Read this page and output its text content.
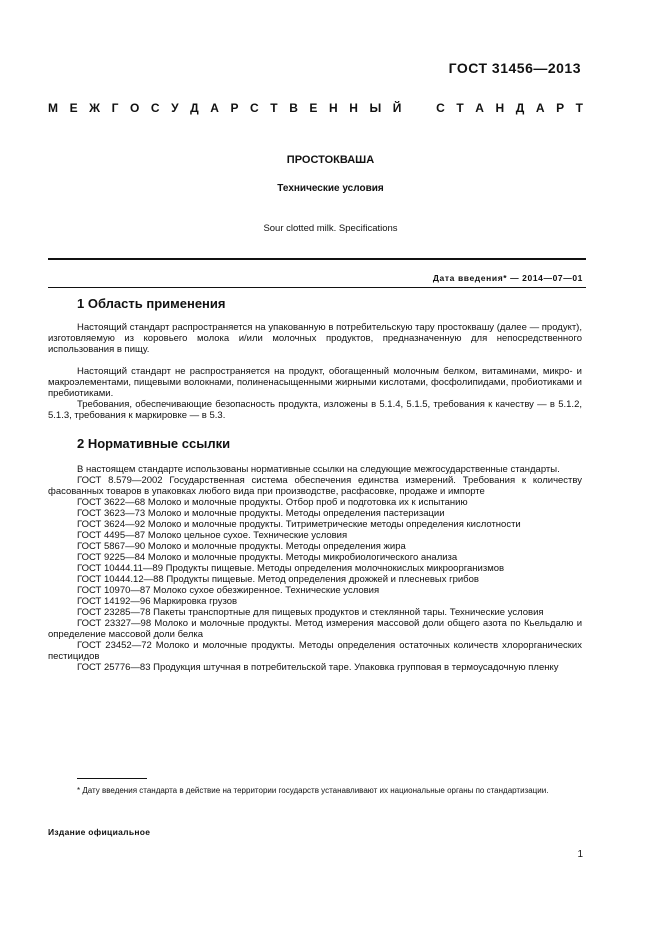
ГОСТ 31456—2013
М Е Ж Г О С У Д А Р С Т В Е Н Н Ы Й	С Т А Н Д А Р Т
ПРОСТОКВАША
Технические условия
Sour clotted milk. Specifications
Дата введения* — 2014—07—01
1 Область применения
Настоящий стандарт распространяется на упакованную в потребительскую тару простоквашу (далее — продукт), изготовляемую из коровьего молока и/или молочных продуктов, предназначенную для непосредственного использования в пищу.
Настоящий стандарт не распространяется на продукт, обогащенный молочным белком, витаминами, микро- и макроэлементами, пищевыми волокнами, полиненасыщенными жирными кислотами, фосфолипидами, пробиотиками и пребиотиками.
Требования, обеспечивающие безопасность продукта, изложены в 5.1.4, 5.1.5, требования к качеству — в 5.1.2, 5.1.3, требования к маркировке — в 5.3.
2 Нормативные ссылки

В настоящем стандарте использованы нормативные ссылки на следующие межгосударственные стандарты.

ГОСТ 8.579—2002 Государственная система обеспечения единства измерений. Требования к количеству фасованных товаров в упаковках любого вида при производстве, расфасовке, продаже и импорте

ГОСТ 3622—68 Молоко и молочные продукты. Отбор проб и подготовка их к испытанию

ГОСТ 3623—73 Молоко и молочные продукты. Методы определения пастеризации

ГОСТ 3624—92 Молоко и молочные продукты. Титриметрические методы определения кислотности

ГОСТ 4495—87 Молоко цельное сухое. Технические условия

ГОСТ 5867—90 Молоко и молочные продукты. Методы определения жира

ГОСТ 9225—84 Молоко и молочные продукты. Методы микробиологического анализа

ГОСТ 10444.11—89 Продукты пищевые. Методы определения молочнокислых микроорганизмов

ГОСТ 10444.12—88 Продукты пищевые. Метод определения дрожжей и плесневых грибов

ГОСТ 10970—87 Молоко сухое обезжиренное. Технические условия

ГОСТ 14192—96 Маркировка грузов

ГОСТ 23285—78 Пакеты транспортные для пищевых продуктов и стеклянной тары. Технические условия

ГОСТ 23327—98 Молоко и молочные продукты. Метод измерения массовой доли общего азота по Кьельдалю и определение массовой доли белка

ГОСТ 23452—72 Молоко и молочные продукты. Методы определения остаточных количеств хлорорганических пестицидов

ГОСТ 25776—83 Продукция штучная в потребительской таре. Упаковка групповая в термоусадочную пленку

* Дату введения стандарта в действие на территории государств устанавливают их национальные органы по стандартизации.
Издание официальное
1
